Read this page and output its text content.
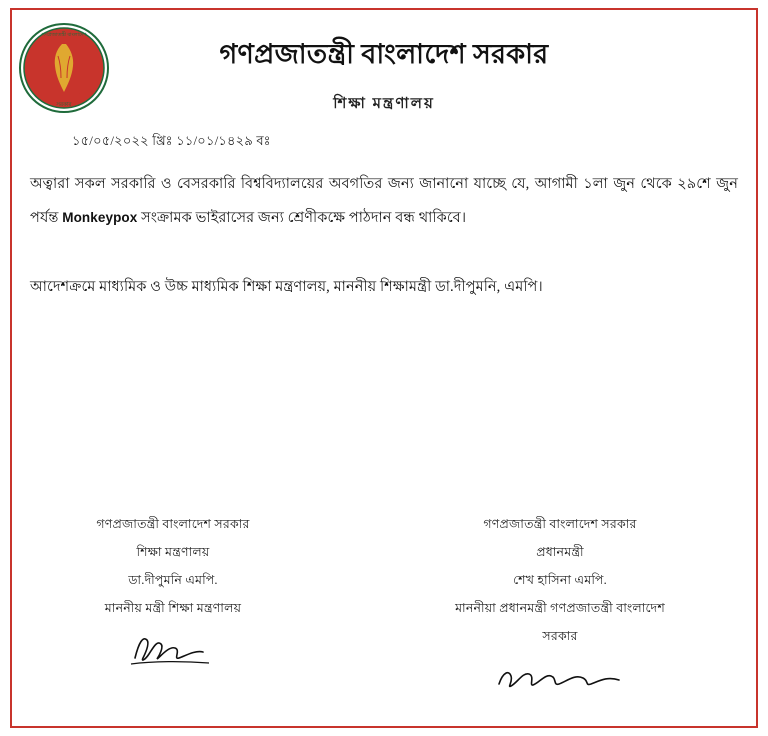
গণপ্রজাতন্ত্রী বাংলাদেশ
সরকার
গণপ্রজাতন্ত্রী বাংলাদেশ সরকার
শিক্ষা মন্ত্রণালয়
১৫/০৫/২০২২ খ্রিঃ ১১/০১/১৪২৯ বঃ
অত্বারা সকল সরকারি ও বেসরকারি বিশ্ববিদ্যালয়ের অবগতির জন্য জানানো যাচ্ছে যে, আগামী ১লা জুন থেকে ২৯শে জুন পর্যন্ত Monkeypox সংক্রামক ভাইরাসের জন্য শ্রেণীকক্ষে পাঠদান বন্ধ থাকিবে।
আদেশক্রমে মাধ্যমিক ও উচ্চ মাধ্যমিক শিক্ষা মন্ত্রণালয়, মাননীয় শিক্ষামন্ত্রী ডা.দীপুমনি, এমপি।
গণপ্রজাতন্ত্রী বাংলাদেশ সরকার
শিক্ষা মন্ত্রণালয়
ডা.দীপুমনি এমপি.
মাননীয় মন্ত্রী শিক্ষা মন্ত্রণালয়
গণপ্রজাতন্ত্রী বাংলাদেশ সরকার
প্রধানমন্ত্রী
শেখ হাসিনা এমপি.
মাননীয়া প্রধানমন্ত্রী গণপ্রজাতন্ত্রী বাংলাদেশ
সরকার
